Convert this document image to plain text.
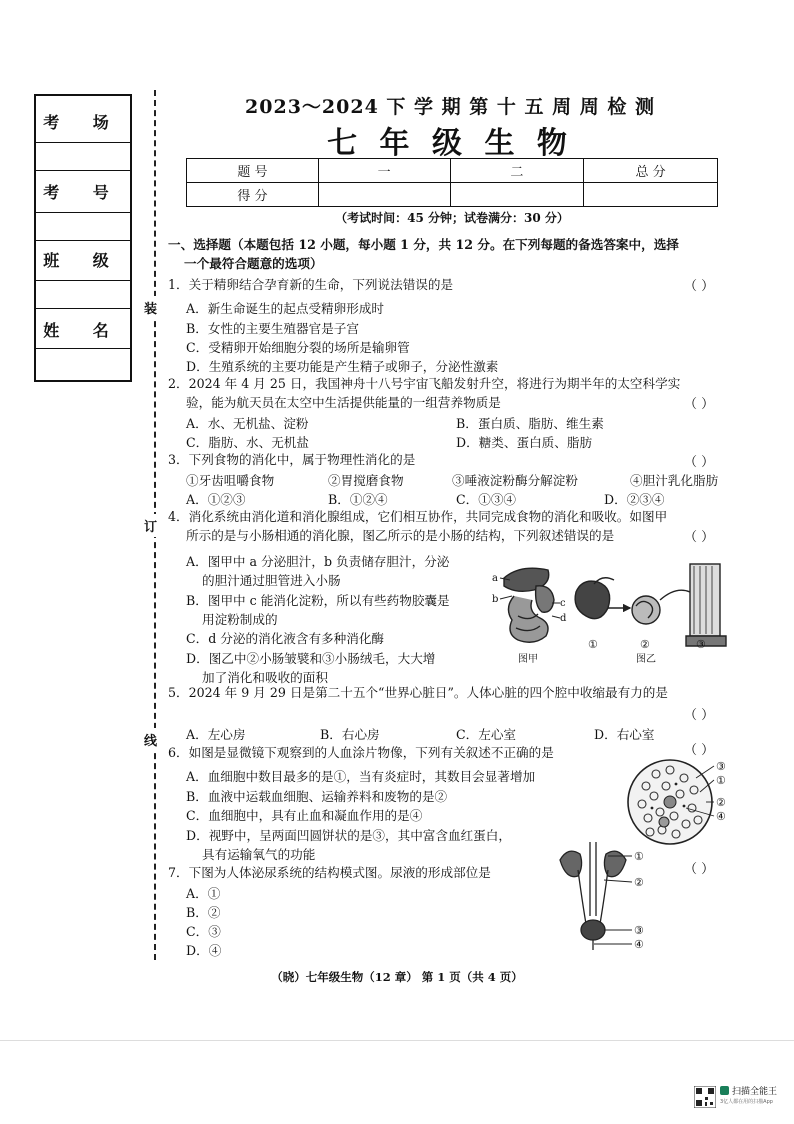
考 场
考 号
班 级
姓 名
装
订
线
2023～2024 下 学 期 第 十 五 周 周 检 测
七 年 级 生 物
题 号	一	二	总 分
得 分			
（考试时间：45 分钟；试卷满分：30 分）
一、选择题（本题包括 12 小题，每小题 1 分，共 12 分。在下列每题的备选答案中，选择
一个最符合题意的选项）
1．关于精卵结合孕育新的生命，下列说法错误的是	（ ）
A．新生命诞生的起点受精卵形成时
B．女性的主要生殖器官是子宫
C．受精卵开始细胞分裂的场所是输卵管
D．生殖系统的主要功能是产生精子或卵子，分泌性激素
2．2024 年 4 月 25 日，我国神舟十八号宇宙飞船发射升空，将进行为期半年的太空科学实
验，能为航天员在太空中生活提供能量的一组营养物质是	（ ）
A．水、无机盐、淀粉	B．蛋白质、脂肪、维生素
C．脂肪、水、无机盐	D．糖类、蛋白质、脂肪
3．下列食物的消化中，属于物理性消化的是	（ ）
①牙齿咀嚼食物	②胃搅磨食物	③唾液淀粉酶分解淀粉	④胆汁乳化脂肪
A．①②③	B．①②④	C．①③④	D．②③④
4．消化系统由消化道和消化腺组成，它们相互协作，共同完成食物的消化和吸收。如图甲
所示的是与小肠相通的消化腺，图乙所示的是小肠的结构，下列叙述错误的是	（ ）
A．图甲中 a 分泌胆汁，b 负责储存胆汁，分泌
的胆汁通过胆管进入小肠
B．图甲中 c 能消化淀粉，所以有些药物胶囊是
用淀粉制成的
C．d 分泌的消化液含有多种消化酶
D．图乙中②小肠皱襞和③小肠绒毛，大大增
加了消化和吸收的面积
a
b	c
d
图甲
①	②	③
图乙
5．2024 年 9 月 29 日是第二十五个“世界心脏日”。人体心脏的四个腔中收缩最有力的是
（ ）
A．左心房	B．右心房	C．左心室	D．右心室
6．如图是显微镜下观察到的人血涂片物像，下列有关叙述不正确的是	（ ）
A．血细胞中数目最多的是①，当有炎症时，其数目会显著增加
B．血液中运载血细胞、运输养料和废物的是②
C．血细胞中，具有止血和凝血作用的是④
D．视野中，呈两面凹圆饼状的是③，其中富含血红蛋白，
具有运输氧气的功能
③
①
②
④
7．下图为人体泌尿系统的结构模式图。尿液的形成部位是	（ ）
A．①
B．②
C．③
D．④
①
②
③
④
（晓）七年级生物（12 章） 第 1 页（共 4 页）
扫描全能王
3亿人都在用的扫描App
